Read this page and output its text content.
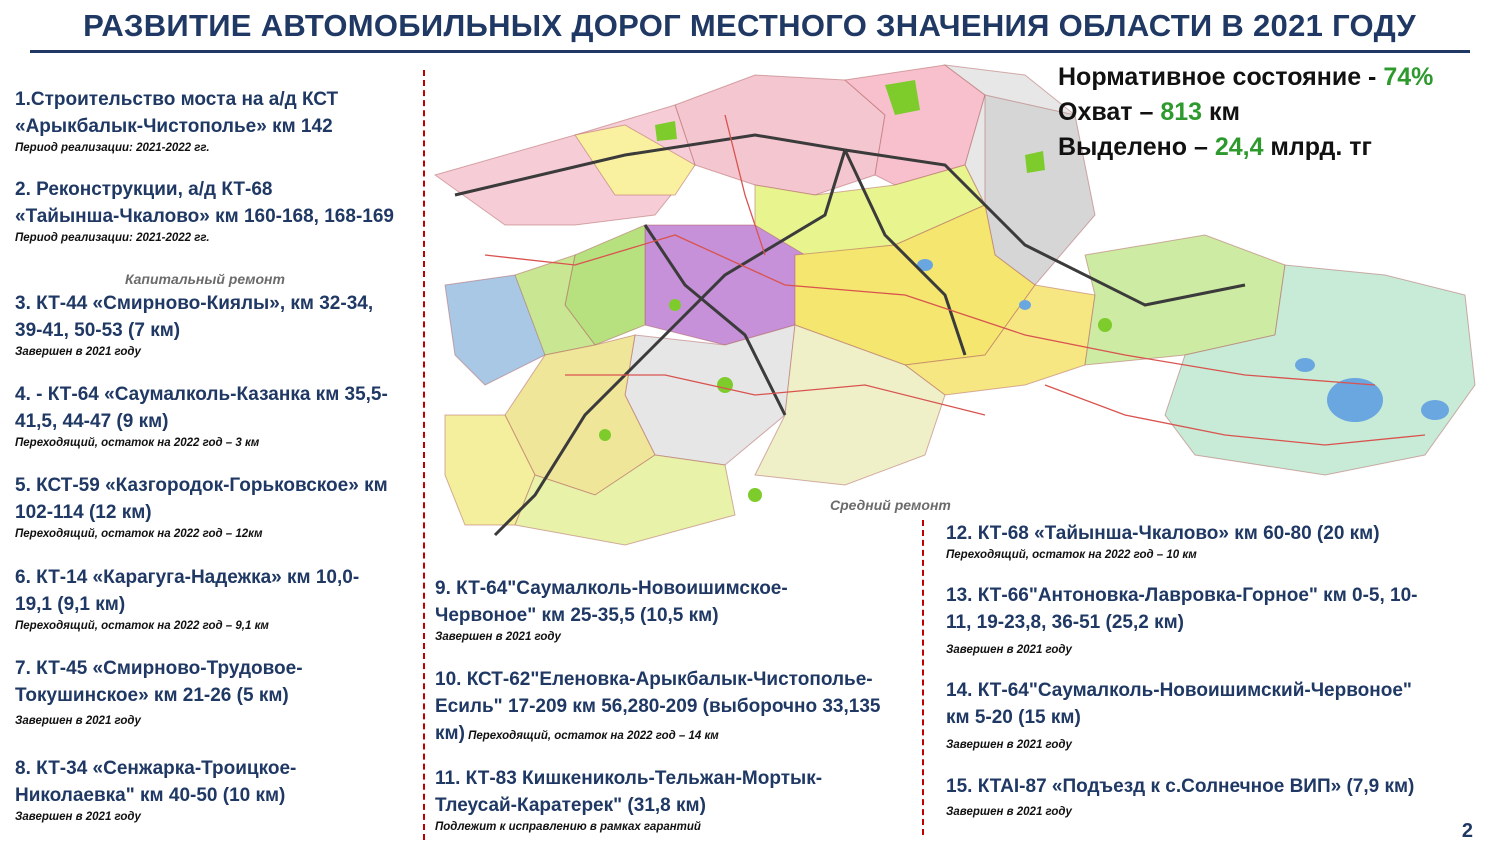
РАЗВИТИЕ АВТОМОБИЛЬНЫХ ДОРОГ МЕСТНОГО ЗНАЧЕНИЯ ОБЛАСТИ В 2021 ГОДУ
Нормативное состояние - 74%
Охват – 813 км
Выделено – 24,4 млрд. тг
Капитальный ремонт
Средний ремонт
1.Строительство моста на а/д КСТ
«Арыкбалык-Чистополье» км 142
Период реализации: 2021-2022 гг.
2. Реконструкции, а/д КТ-68
«Тайынша-Чкалово» км 160-168, 168-169
Период реализации: 2021-2022 гг.
3. КТ-44 «Смирново-Киялы», км 32-34,
39-41, 50-53 (7 км)
Завершен в 2021 году
4. - КТ-64 «Саумалколь-Казанка км 35,5-
41,5, 44-47 (9 км)
Переходящий, остаток на 2022 год – 3 км
5. КСТ-59 «Казгородок-Горьковское» км
102-114 (12 км)
Переходящий, остаток на 2022 год – 12км
6. КТ-14 «Карагуга-Надежка» км 10,0-
19,1 (9,1 км)
Переходящий, остаток на 2022 год – 9,1 км
7. КТ-45 «Смирново-Трудовое-
Токушинское» км 21-26 (5 км)
Завершен в 2021 году
8. КТ-34 «Сенжарка-Троицкое-
Николаевка" км 40-50 (10 км)
Завершен в 2021 году
9. КТ-64"Саумалколь-Новоишимское-
Червоное" км 25-35,5 (10,5 км)
Завершен в 2021 году
10. КСТ-62"Еленовка-Арыкбалык-Чистополье-
Есиль" 17-209 км 56,280-209 (выборочно 33,135
км) Переходящий, остаток на 2022 год – 14 км
11. КТ-83 Кишкениколь-Тельжан-Мортык-
Тлеусай-Каратерек" (31,8 км)
Подлежит к исправлению в рамках гарантий
12. КТ-68 «Тайынша-Чкалово» км 60-80 (20 км)
Переходящий, остаток на 2022 год – 10 км
13. КТ-66"Антоновка-Лавровка-Горное" км 0-5, 10-
11, 19-23,8, 36-51 (25,2 км)
Завершен в 2021 году
14. КТ-64"Саумалколь-Новоишимский-Червоное"
км 5-20 (15 км)
Завершен в 2021 году
15. КТАI-87 «Подъезд к с.Солнечное ВИП» (7,9 км)
Завершен в 2021 году
2
